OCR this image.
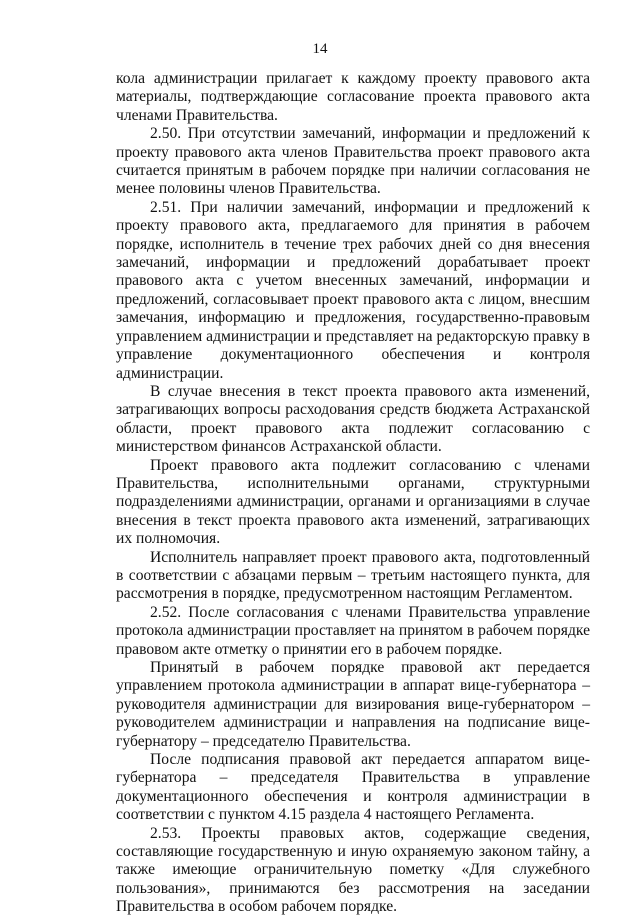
14

кола администрации прилагает к каждому проекту правового акта материалы, подтверждающие согласование проекта правового акта членами Правительства.

2.50. При отсутствии замечаний, информации и предложений к проекту правового акта членов Правительства проект правового акта считается принятым в рабочем порядке при наличии согласования не менее половины членов Правительства.

2.51. При наличии замечаний, информации и предложений к проекту правового акта, предлагаемого для принятия в рабочем порядке, исполнитель в течение трех рабочих дней со дня внесения замечаний, информации и предложений дорабатывает проект правового акта с учетом внесенных замечаний, информации и предложений, согласовывает проект правового акта с лицом, внесшим замечания, информацию и предложения, государственно-правовым управлением администрации и представляет на редакторскую правку в управление документационного обеспечения и контроля администрации.

В случае внесения в текст проекта правового акта изменений, затрагивающих вопросы расходования средств бюджета Астраханской области, проект правового акта подлежит согласованию с министерством финансов Астраханской области.

Проект правового акта подлежит согласованию с членами Правительства, исполнительными органами, структурными подразделениями администрации, органами и организациями в случае внесения в текст проекта правового акта изменений, затрагивающих их полномочия.

Исполнитель направляет проект правового акта, подготовленный в соответствии с абзацами первым – третьим настоящего пункта, для рассмотрения в порядке, предусмотренном настоящим Регламентом.

2.52. После согласования с членами Правительства управление протокола администрации проставляет на принятом в рабочем порядке правовом акте отметку о принятии его в рабочем порядке.

Принятый в рабочем порядке правовой акт передается управлением протокола администрации в аппарат вице-губернатора – руководителя администрации для визирования вице-губернатором – руководителем администрации и направления на подписание вице-губернатору – председателю Правительства.

После подписания правовой акт передается аппаратом вице-губернатора – председателя Правительства в управление документационного обеспечения и контроля администрации в соответствии с пунктом 4.15 раздела 4 настоящего Регламента.

2.53. Проекты правовых актов, содержащие сведения, составляющие государственную и иную охраняемую законом тайну, а также имеющие ограничительную пометку «Для служебного пользования», принимаются без рассмотрения на заседании Правительства в особом рабочем порядке.
